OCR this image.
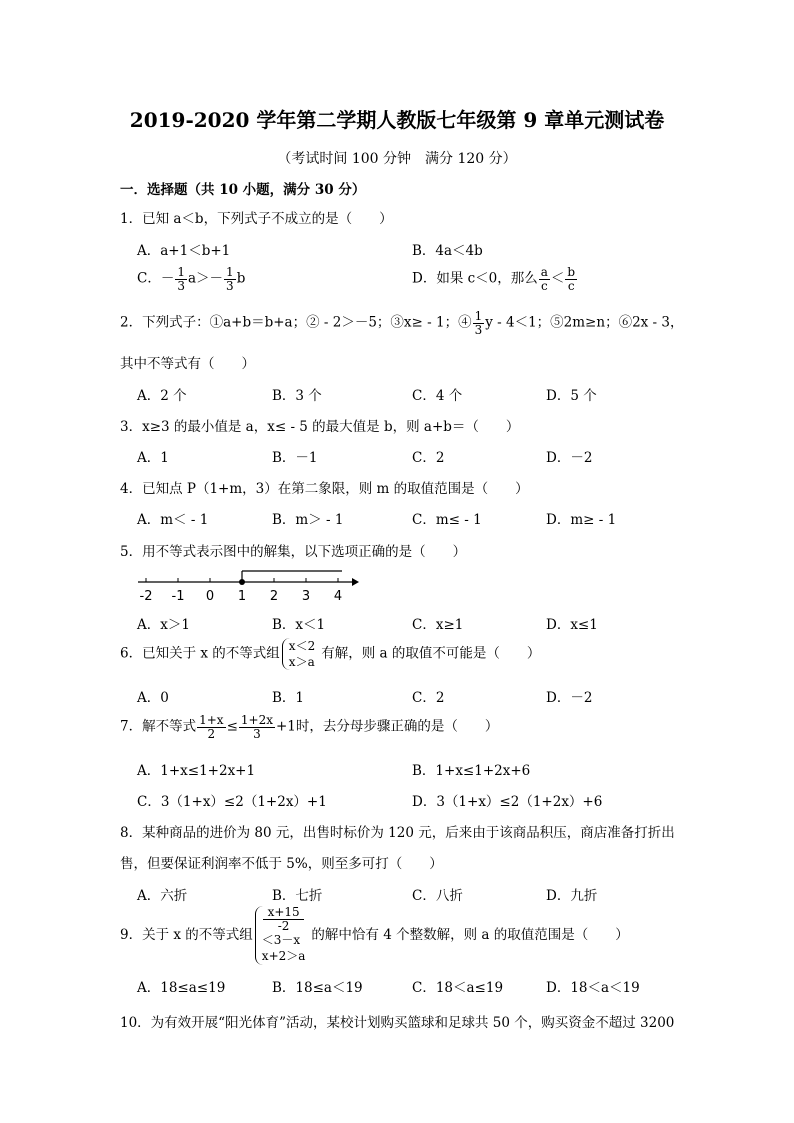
2019-2020 学年第二学期人教版七年级第 9 章单元测试卷
（考试时间 100 分钟　满分 120 分）
一．选择题（共 10 小题，满分 30 分）
1．已知 a＜b，下列式子不成立的是（　　）
A．a+1＜b+1	B．4a＜4b
C．－ $\frac{1}{3} a>- \frac{1}{3}$ b	D．如果 c＜0，那么 $\frac{a}{c} < \frac{b}{c}$
2．下列式子：①a+b＝b+a；② - 2＞－5；③x≥ - 1；④ $\frac{1}{3}$ y - 4＜1；⑤2m≥n；⑥2x - 3，
其中不等式有（　　）
A．2 个	B．3 个	C．4 个	D．5 个
3．x≥3 的最小值是 a，x≤ - 5 的最大值是 b，则 a+b＝（　　）
A．1	B．－1	C．2	D．－2
4．已知点 P（1+m，3）在第二象限，则 m 的取值范围是（　　）
A．m＜ - 1	B．m＞ - 1	C．m≤ - 1	D．m≥ - 1
5．用不等式表示图中的解集，以下选项正确的是（　　）
-2 -1 0 1 2 3 4
A．x＞1	B．x＜1	C．x≥1	D．x≤1
6．已知关于 x 的不等式组 x＜2
x＞a
有解，则 a 的取值不可能是（　　）
A．0	B．1	C．2	D．－2
7．解不等式 $\frac{1+x}{2} \le \frac{1+2x}{3} +1$时，去分母步骤正确的是（　　）
A．1+x≤1+2x+1	B．1+x≤1+2x+6
C．3（1+x）≤2（1+2x）+1	D．3（1+x）≤2（1+2x）+6
8．某种商品的进价为 80 元，出售时标价为 120 元，后来由于该商品积压，商店准备打折出
售，但要保证利润率不低于 5%，则至多可打（　　）
A．六折	B．七折	C．八折	D．九折
9．关于 x 的不等式组
x+15
-2
＜3－x
x+2＞a
的解中恰有 4 个整数解，则 a 的取值范围是（　　）
A．18≤a≤19	B．18≤a＜19	C．18＜a≤19	D．18＜a＜19
10．为有效开展“阳光体育”活动，某校计划购买篮球和足球共 50 个，购买资金不超过 3200
